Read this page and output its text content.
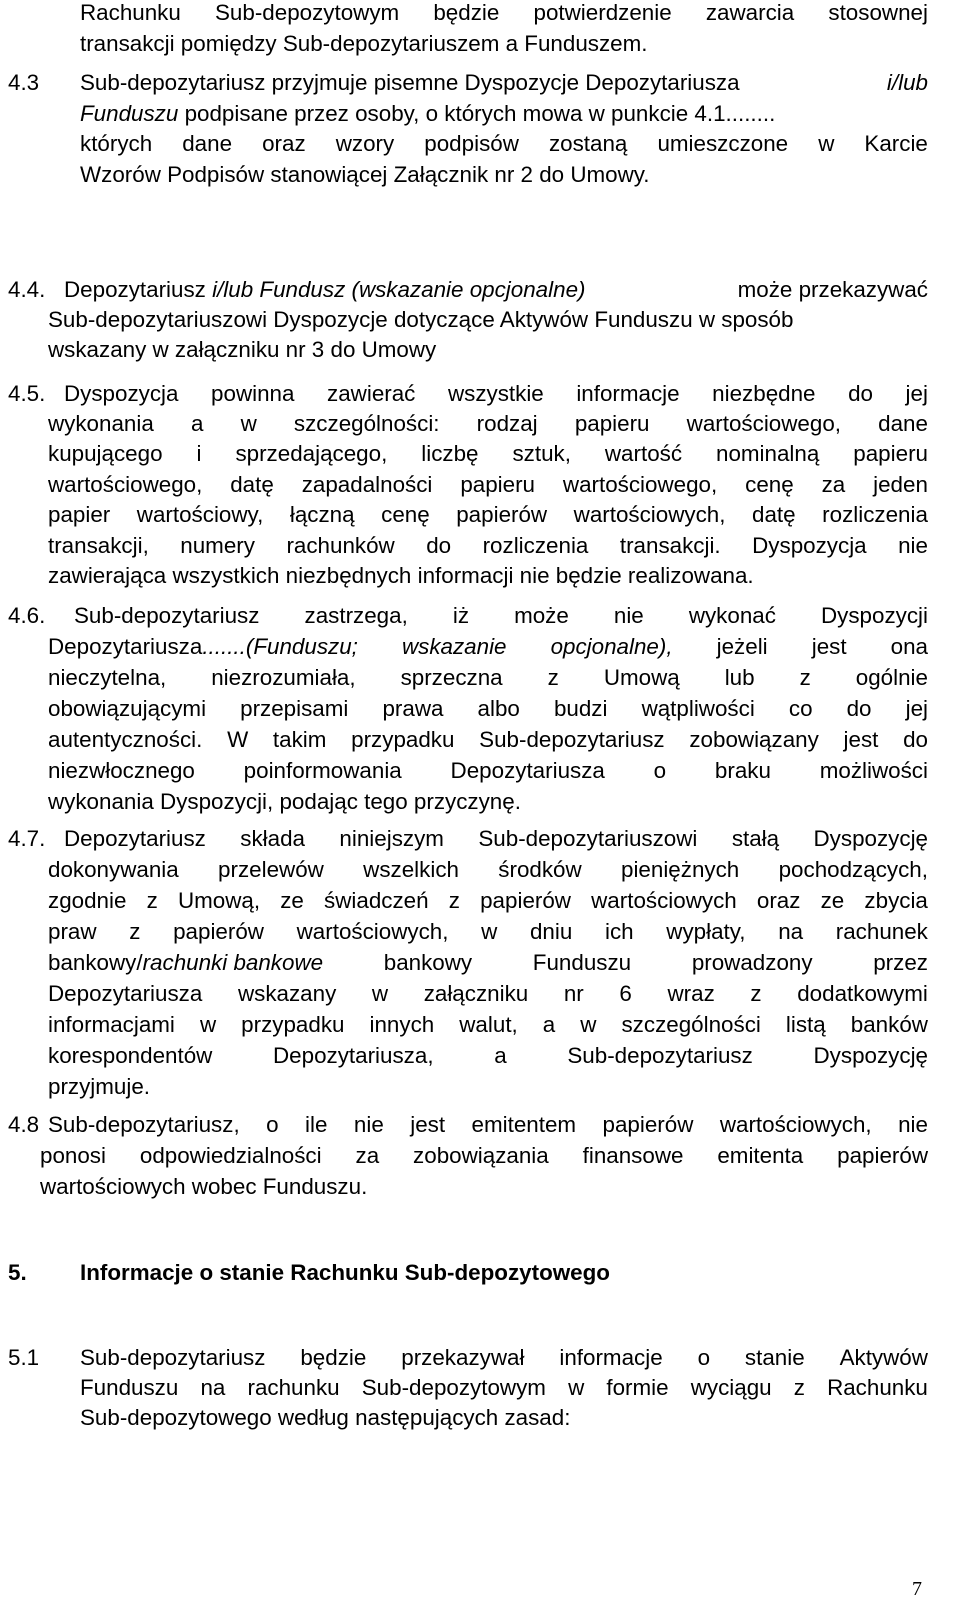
Rachunku Sub-depozytowym będzie potwierdzenie zawarcia stosownej
transakcji pomiędzy Sub-depozytariuszem a Funduszem.
4.3 Sub-depozytariusz przyjmuje pisemne Dyspozycje Depozytariusza	i/lub
Funduszu podpisane przez osoby, o których mowa w punkcie 4.1........
których dane oraz wzory podpisów zostaną umieszczone w Karcie
Wzorów Podpisów stanowiącej Załącznik nr 2 do Umowy.
4.4. Depozytariusz i/lub Fundusz (wskazanie opcjonalne)	może przekazywać
Sub-depozytariuszowi Dyspozycje dotyczące Aktywów Funduszu w sposób
wskazany w załączniku nr 3 do Umowy
4.5. Dyspozycja powinna zawierać wszystkie informacje niezbędne do jej
wykonania a w szczególności: rodzaj papieru wartościowego, dane
kupującego i sprzedającego, liczbę sztuk, wartość nominalną papieru
wartościowego, datę zapadalności papieru wartościowego, cenę za jeden
papier wartościowy, łączną cenę papierów wartościowych, datę rozliczenia
transakcji, numery rachunków do rozliczenia transakcji. Dyspozycja nie
zawierająca wszystkich niezbędnych informacji nie będzie realizowana.
4.6. Sub-depozytariusz zastrzega, iż może nie wykonać Dyspozycji
Depozytariusza.......(Funduszu; wskazanie opcjonalne), jeżeli jest ona
nieczytelna, niezrozumiała, sprzeczna z Umową lub z ogólnie
obowiązującymi przepisami prawa albo budzi wątpliwości co do jej
autentyczności. W takim przypadku Sub-depozytariusz zobowiązany jest do
niezwłocznego poinformowania Depozytariusza o braku możliwości
wykonania Dyspozycji, podając tego przyczynę.
4.7. Depozytariusz składa niniejszym Sub-depozytariuszowi stałą Dyspozycję
dokonywania przelewów wszelkich środków pieniężnych pochodzących,
zgodnie z Umową, ze świadczeń z papierów wartościowych oraz ze zbycia
praw z papierów wartościowych, w dniu ich wypłaty, na rachunek
bankowy/rachunki bankowe	bankowy	Funduszu	prowadzony	przez
Depozytariusza wskazany w załączniku nr 6 wraz z dodatkowymi
informacjami w przypadku innych walut, a w szczególności listą banków
korespondentów	Depozytariusza,	a	Sub-depozytariusz	Dyspozycję
przyjmuje.
4.8 Sub-depozytariusz, o ile nie jest emitentem papierów wartościowych, nie
ponosi odpowiedzialności za zobowiązania finansowe emitenta papierów
wartościowych wobec Funduszu.
5. Informacje o stanie Rachunku Sub-depozytowego
5.1 Sub-depozytariusz będzie przekazywał informacje o stanie Aktywów
Funduszu na rachunku Sub-depozytowym w formie wyciągu z Rachunku
Sub-depozytowego według następujących zasad:
7
